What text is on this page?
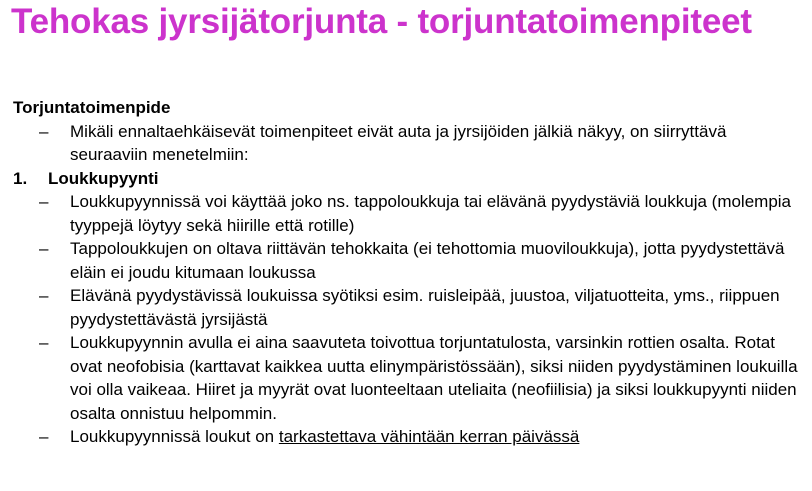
Tehokas jyrsijätorjunta - torjuntatoimenpiteet
Torjuntatoimenpide
– Mikäli ennaltaehkäisevät toimenpiteet eivät auta ja jyrsijöiden jälkiä näkyy, on siirryttävä seuraaviin menetelmiin:
1. Loukkupyynti
– Loukkupyynnissä voi käyttää joko ns. tappoloukkuja tai elävänä pyydystäviä loukkuja (molempia tyyppejä löytyy sekä hiirille että rotille)
– Tappoloukkujen on oltava riittävän tehokkaita (ei tehottomia muoviloukkuja), jotta pyydystettävä eläin ei joudu kitumaan loukussa
– Elävänä pyydystävissä loukuissa syötiksi esim. ruisleipää, juustoa, viljatuotteita, yms., riippuen pyydystettävästä jyrsijästä
– Loukkupyynnin avulla ei aina saavuteta toivottua torjuntatulosta, varsinkin rottien osalta. Rotat ovat neofobisia (karttavat kaikkea uutta elinympäristössään), siksi niiden pyydystäminen loukuilla voi olla vaikeaa. Hiiret ja myyrät ovat luonteeltaan uteliaita (neofiilisia) ja siksi loukkupyynti niiden osalta onnistuu helpommin.
– Loukkupyynnissä loukut on tarkastettava vähintään kerran päivässä
